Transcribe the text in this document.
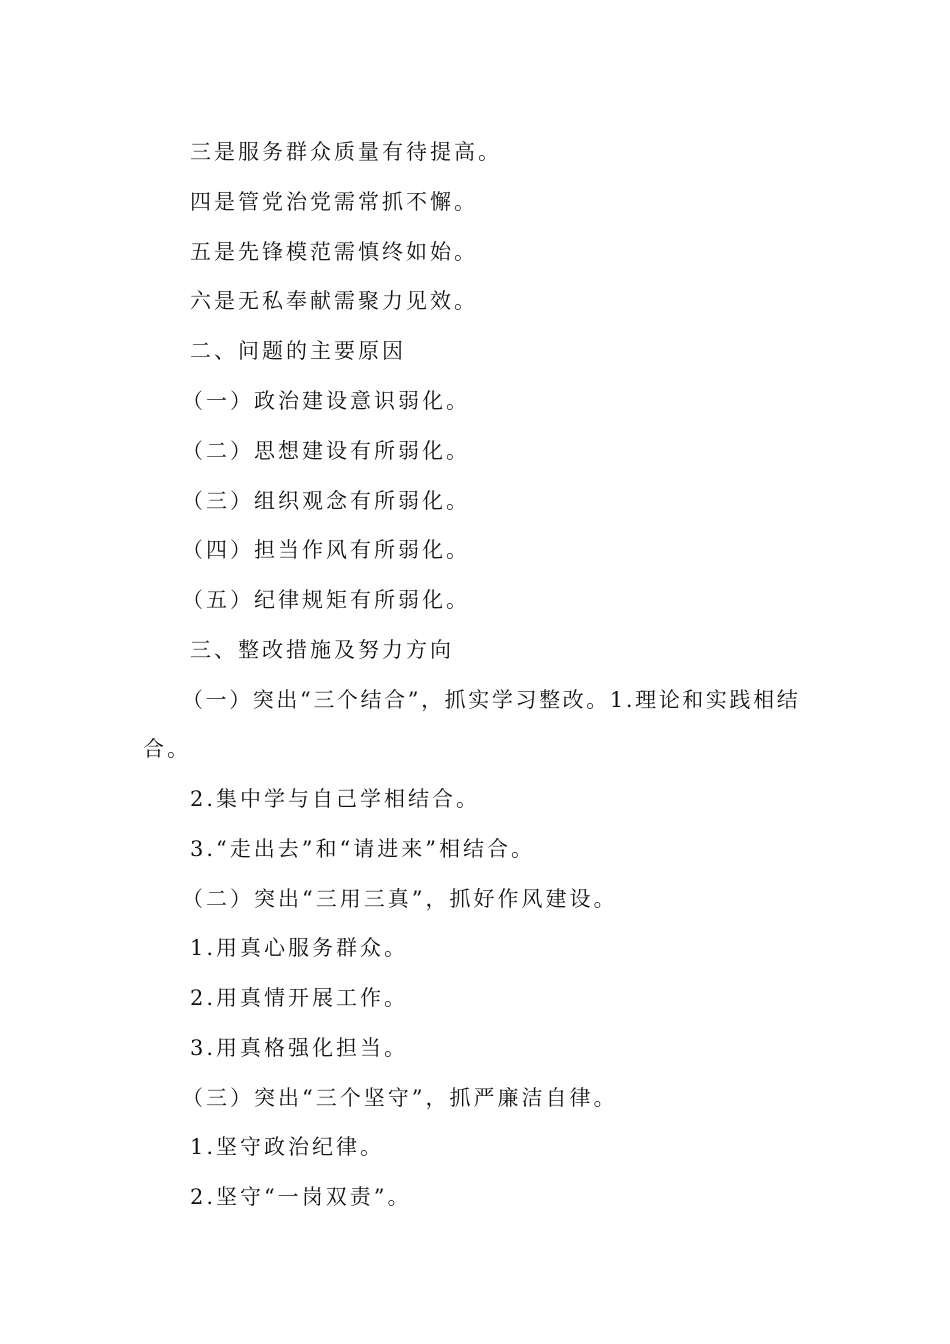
三是服务群众质量有待提高。
四是管党治党需常抓不懈。
五是先锋模范需慎终如始。
六是无私奉献需聚力见效。
二、问题的主要原因
（一）政治建设意识弱化。
（二）思想建设有所弱化。
（三）组织观念有所弱化。
（四）担当作风有所弱化。
（五）纪律规矩有所弱化。
三、整改措施及努力方向
（一）突出“三个结合”，抓实学习整改。1.理论和实践相结
合。
2.集中学与自己学相结合。
3.“走出去”和“请进来”相结合。
（二）突出“三用三真”，抓好作风建设。
1.用真心服务群众。
2.用真情开展工作。
3.用真格强化担当。
（三）突出“三个坚守”，抓严廉洁自律。
1.坚守政治纪律。
2.坚守“一岗双责”。
